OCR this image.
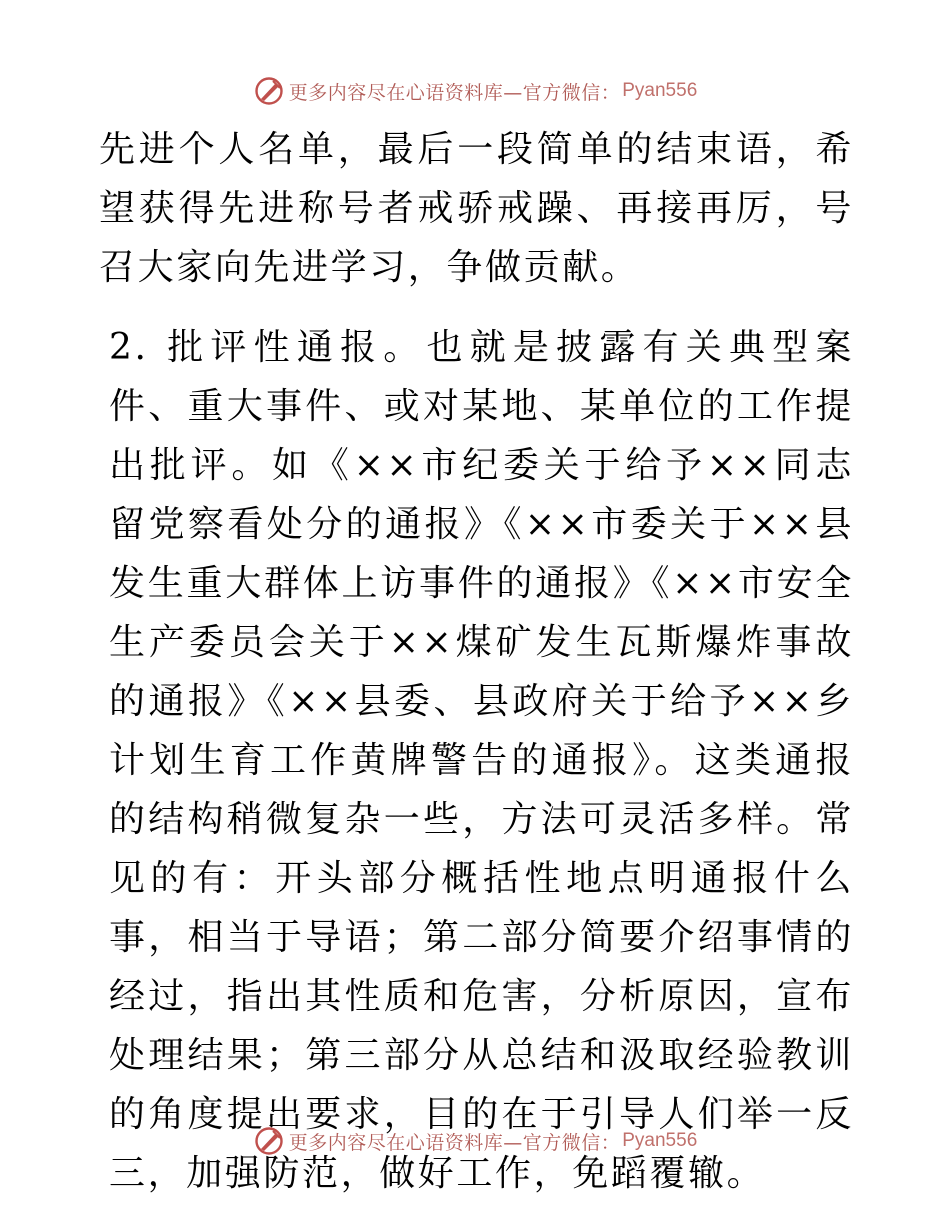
更多内容尽在心语资料库—官方微信： Pyan556

先进个人名单，最后一段简单的结束语，希望获得先进称号者戒骄戒躁、再接再厉，号召大家向先进学习，争做贡献。

2. 批评性通报。也就是披露有关典型案件、重大事件、或对某地、某单位的工作提出批评。如《××市纪委关于给予××同志留党察看处分的通报》《××市委关于××县发生重大群体上访事件的通报》《××市安全生产委员会关于××煤矿发生瓦斯爆炸事故的通报》《××县委、县政府关于给予××乡计划生育工作黄牌警告的通报》。这类通报的结构稍微复杂一些，方法可灵活多样。常见的有：开头部分概括性地点明通报什么事，相当于导语；第二部分简要介绍事情的经过，指出其性质和危害，分析原因，宣布处理结果；第三部分从总结和汲取经验教训的角度提出要求，目的在于引导人们举一反三，加强防范，做好工作，免蹈覆辙。

更多内容尽在心语资料库—官方微信： Pyan556
